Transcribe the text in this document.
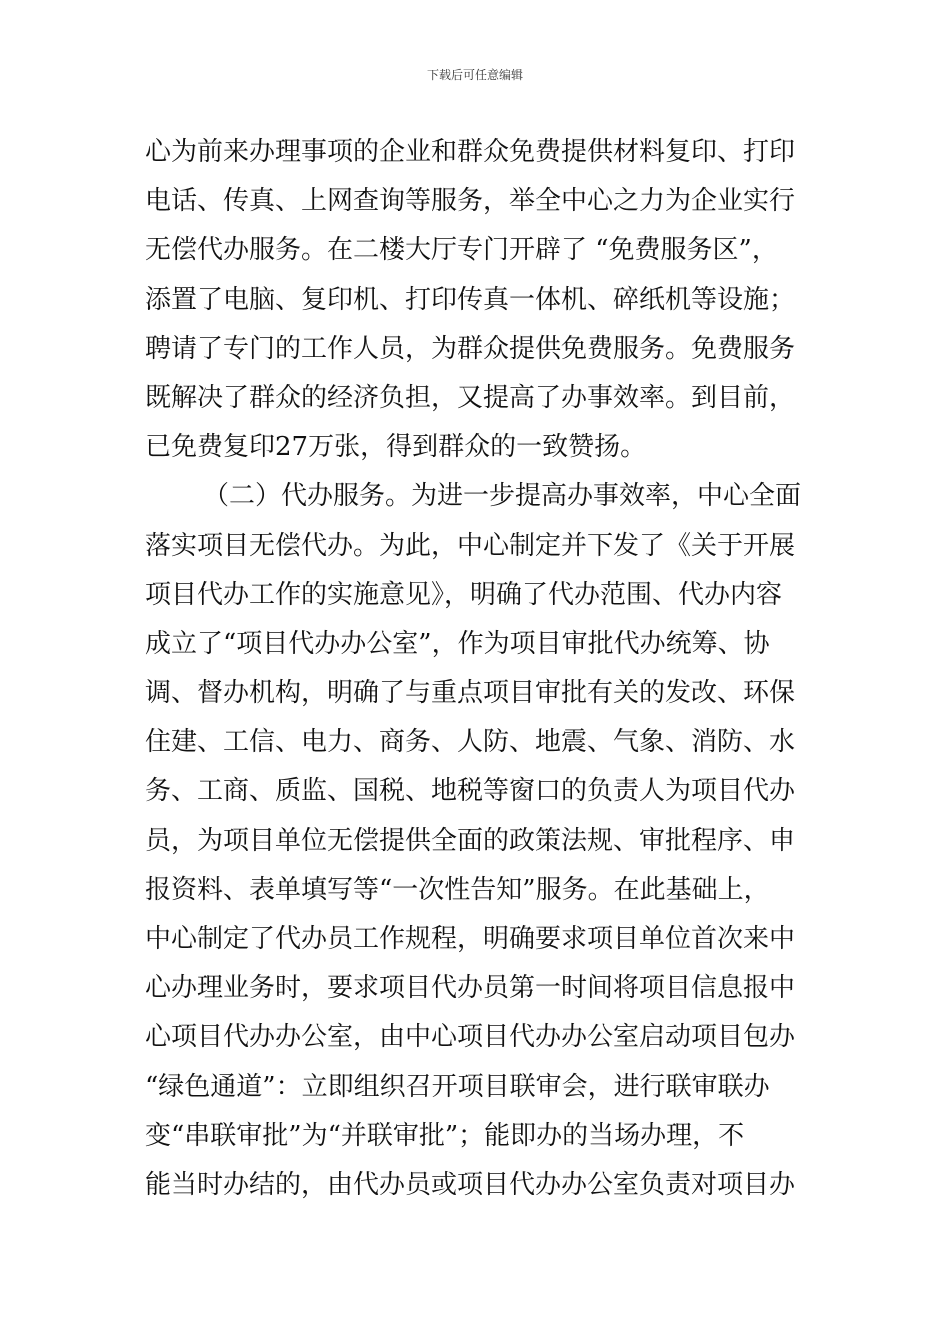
下载后可任意编辑
心为前来办理事项的企业和群众免费提供材料复印、打印
电话、传真、上网查询等服务，举全中心之力为企业实行
无偿代办服务。在二楼大厅专门开辟了 “免费服务区”，
添置了电脑、复印机、打印传真一体机、碎纸机等设施；
聘请了专门的工作人员，为群众提供免费服务。免费服务
既解决了群众的经济负担，又提高了办事效率。到目前，
已免费复印27万张，得到群众的一致赞扬。
（二）代办服务。为进一步提高办事效率，中心全面
落实项目无偿代办。为此，中心制定并下发了《关于开展
项目代办工作的实施意见》，明确了代办范围、代办内容
成立了“项目代办办公室”，作为项目审批代办统筹、协
调、督办机构，明确了与重点项目审批有关的发改、环保
住建、工信、电力、商务、人防、地震、气象、消防、水
务、工商、质监、国税、地税等窗口的负责人为项目代办
员，为项目单位无偿提供全面的政策法规、审批程序、申
报资料、表单填写等“一次性告知”服务。在此基础上，
中心制定了代办员工作规程，明确要求项目单位首次来中
心办理业务时，要求项目代办员第一时间将项目信息报中
心项目代办办公室，由中心项目代办办公室启动项目包办
“绿色通道”：立即组织召开项目联审会，进行联审联办
变“串联审批”为“并联审批”；能即办的当场办理，不
能当时办结的，由代办员或项目代办办公室负责对项目办
